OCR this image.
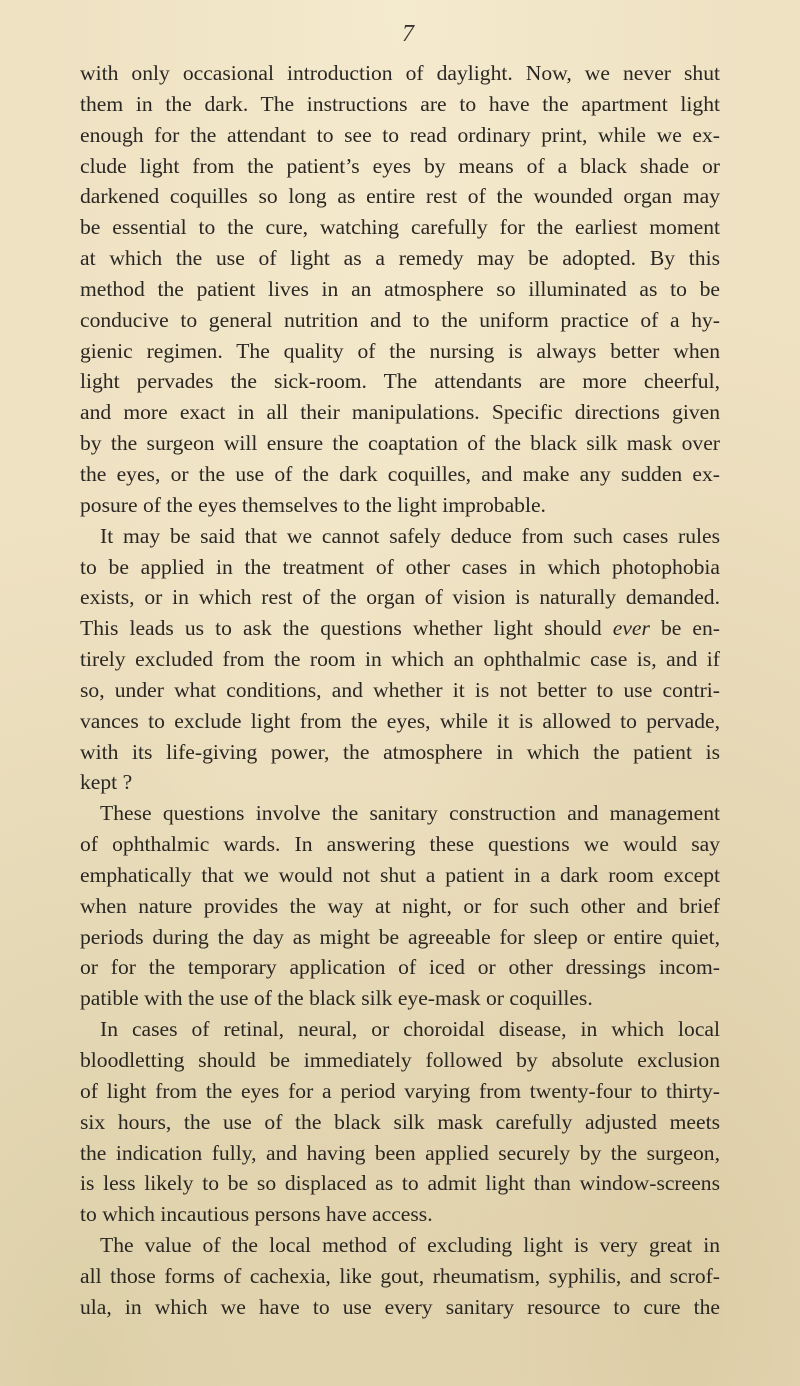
7
with only occasional introduction of daylight. Now, we never shut
them in the dark. The instructions are to have the apartment light
enough for the attendant to see to read ordinary print, while we ex-
clude light from the patient’s eyes by means of a black shade or
darkened coquilles so long as entire rest of the wounded organ may
be essential to the cure, watching carefully for the earliest moment
at which the use of light as a remedy may be adopted. By this
method the patient lives in an atmosphere so illuminated as to be
conducive to general nutrition and to the uniform practice of a hy-
gienic regimen. The quality of the nursing is always better when
light pervades the sick-room. The attendants are more cheerful,
and more exact in all their manipulations. Specific directions given
by the surgeon will ensure the coaptation of the black silk mask over
the eyes, or the use of the dark coquilles, and make any sudden ex-
posure of the eyes themselves to the light improbable.
It may be said that we cannot safely deduce from such cases rules
to be applied in the treatment of other cases in which photophobia
exists, or in which rest of the organ of vision is naturally demanded.
This leads us to ask the questions whether light should ever be en-
tirely excluded from the room in which an ophthalmic case is, and if
so, under what conditions, and whether it is not better to use contri-
vances to exclude light from the eyes, while it is allowed to pervade,
with its life-giving power, the atmosphere in which the patient is
kept ?
These questions involve the sanitary construction and management
of ophthalmic wards. In answering these questions we would say
emphatically that we would not shut a patient in a dark room except
when nature provides the way at night, or for such other and brief
periods during the day as might be agreeable for sleep or entire quiet,
or for the temporary application of iced or other dressings incom-
patible with the use of the black silk eye-mask or coquilles.
In cases of retinal, neural, or choroidal disease, in which local
bloodletting should be immediately followed by absolute exclusion
of light from the eyes for a period varying from twenty-four to thirty-
six hours, the use of the black silk mask carefully adjusted meets
the indication fully, and having been applied securely by the surgeon,
is less likely to be so displaced as to admit light than window-screens
to which incautious persons have access.
The value of the local method of excluding light is very great in
all those forms of cachexia, like gout, rheumatism, syphilis, and scrof-
ula, in which we have to use every sanitary resource to cure the
